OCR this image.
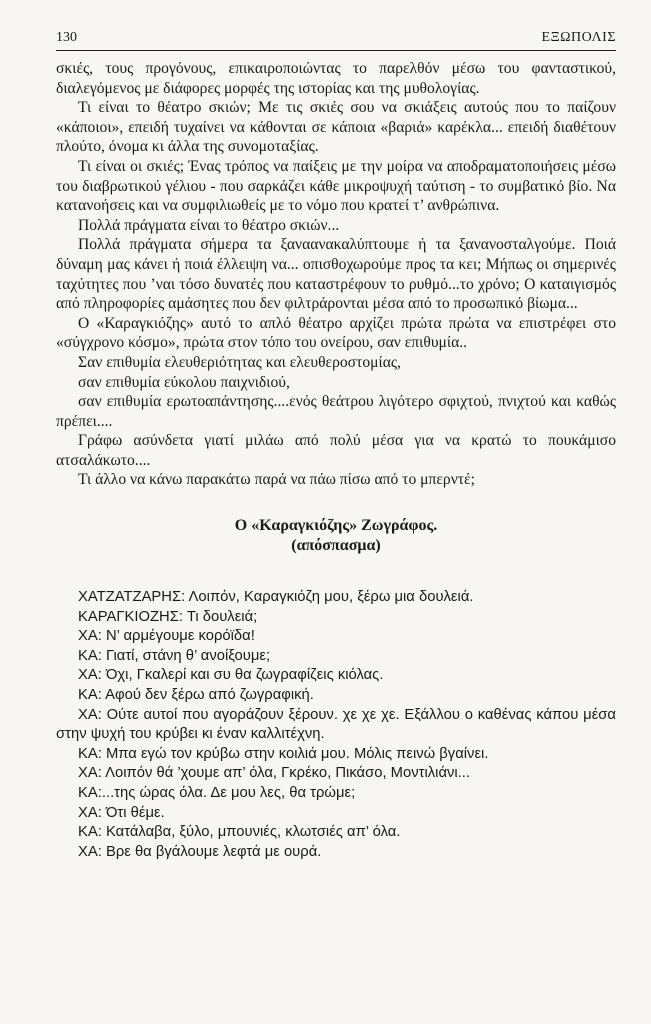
130	ΕΞΩΠΟΛΙΣ

σκιές, τους προγόνους, επικαιροποιώντας το παρελθόν μέσω του φανταστικού, διαλεγόμενος με διάφορες μορφές της ιστορίας και της μυθολογίας.

Τι είναι το θέατρο σκιών; Με τις σκιές σου να σκιάξεις αυτούς που το παίζουν «κάποιοι», επειδή τυχαίνει να κάθονται σε κάποια «βαριά» καρέκλα... επειδή διαθέτουν πλούτο, όνομα κι άλλα της συνομοταξίας.

Τι είναι οι σκιές; Ένας τρόπος να παίξεις με την μοίρα να αποδραματοποιήσεις μέσω του διαβρωτικού γέλιου - που σαρκάζει κάθε μικροψυχή ταύτιση - το συμβατικό βίο. Να κατανοήσεις και να συμφιλιωθείς με το νόμο που κρατεί τ’ ανθρώπινα.

Πολλά πράγματα είναι το θέατρο σκιών...

Πολλά πράγματα σήμερα τα ξαναανακαλύπτουμε ή τα ξανανοσταλγούμε. Ποιά δύναμη μας κάνει ή ποιά έλλειψη να... οπισθοχωρούμε προς τα κει; Μήπως οι σημερινές ταχύτητες που ’ναι τόσο δυνατές που καταστρέφουν το ρυθμό...το χρόνο; Ο καταιγισμός από πληροφορίες αμάσητες που δεν φιλτράρονται μέσα από το προσωπικό βίωμα...

Ο «Καραγκιόζης» αυτό το απλό θέατρο αρχίζει πρώτα πρώτα να επιστρέφει στο «σύγχρονο κόσμο», πρώτα στον τόπο του ονείρου, σαν επιθυμία..

Σαν επιθυμία ελευθεριότητας και ελευθεροστομίας,

σαν επιθυμία εύκολου παιχνιδιού,

σαν επιθυμία ερωτοαπάντησης....ενός θεάτρου λιγότερο σφιχτού, πνιχτού και καθώς πρέπει....

Γράφω ασύνδετα γιατί μιλάω από πολύ μέσα για να κρατώ το πουκάμισο ατσαλάκωτο....

Τι άλλο να κάνω παρακάτω παρά να πάω πίσω από το μπερντέ;

Ο «Καραγκιόζης» Ζωγράφος.
(απόσπασμα)

ΧΑΤΖΑΤΖΑΡΗΣ: Λοιπόν, Καραγκιόζη μου, ξέρω μια δουλειά.

ΚΑΡΑΓΚΙΟΖΗΣ: Τι δουλειά;

ΧΑ: Ν’ αρμέγουμε κορόϊδα!

ΚΑ: Γιατί, στάνη θ’ ανοίξουμε;

ΧΑ: Όχι, Γκαλερί και συ θα ζωγραφίζεις κιόλας.

ΚΑ: Αφού δεν ξέρω από ζωγραφική.

ΧΑ: Ούτε αυτοί που αγοράζουν ξέρουν. χε χε χε. Εξάλλου ο καθένας κάπου μέσα στην ψυχή του κρύβει κι έναν καλλιτέχνη.

ΚΑ: Μπα εγώ τον κρύβω στην κοιλιά μου. Μόλις πεινώ βγαίνει.

ΧΑ: Λοιπόν θά ’χουμε απ’ όλα, Γκρέκο, Πικάσο, Μοντιλιάνι...

ΚΑ:...της ώρας όλα. Δε μου λες, θα τρώμε;

ΧΑ: Ότι θέμε.

ΚΑ: Κατάλαβα, ξύλο, μπουνιές, κλωτσιές απ’ όλα.

ΧΑ: Βρε θα βγάλουμε λεφτά με ουρά.
